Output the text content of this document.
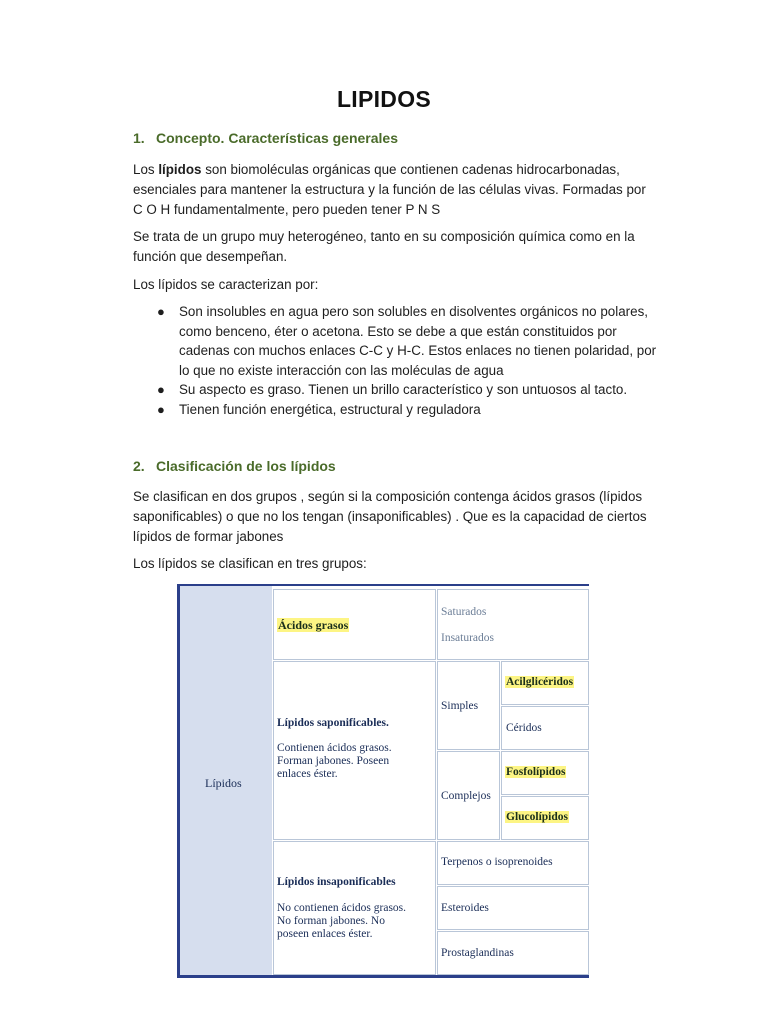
LIPIDOS
1. Concepto. Características generales
Los lípidos son biomoléculas orgánicas que contienen cadenas hidrocarbonadas, esenciales para mantener la estructura y la función de las células vivas. Formadas por C O H fundamentalmente, pero pueden tener P N S
Se trata de un grupo muy heterogéneo, tanto en su composición química como en la función que desempeñan.
Los lípidos se caracterizan por:
● Son insolubles en agua pero son solubles en disolventes orgánicos no polares, como benceno, éter o acetona. Esto se debe a que están constituidos por cadenas con muchos enlaces C-C y H-C. Estos enlaces no tienen polaridad, por lo que no existe interacción con las moléculas de agua
● Su aspecto es graso. Tienen un brillo característico y son untuosos al tacto.
● Tienen función energética, estructural y reguladora
2. Clasificación de los lípidos
Se clasifican en dos grupos , según si la composición contenga ácidos grasos (lípidos saponificables) o que no los tengan (insaponificables) . Que es la capacidad de ciertos lípidos de formar jabones
Los lípidos se clasifican en tres grupos:
Lípidos
Ácidos grasos
Saturados
Insaturados
Lípidos saponificables.
Contienen ácidos grasos. Forman jabones. Poseen enlaces éster.
Simples
Acilglicéridos
Céridos
Complejos
Fosfolípidos
Glucolípidos
Lípidos insaponificables
No contienen ácidos grasos. No forman jabones. No poseen enlaces éster.
Terpenos o isoprenoides
Esteroides
Prostaglandinas
